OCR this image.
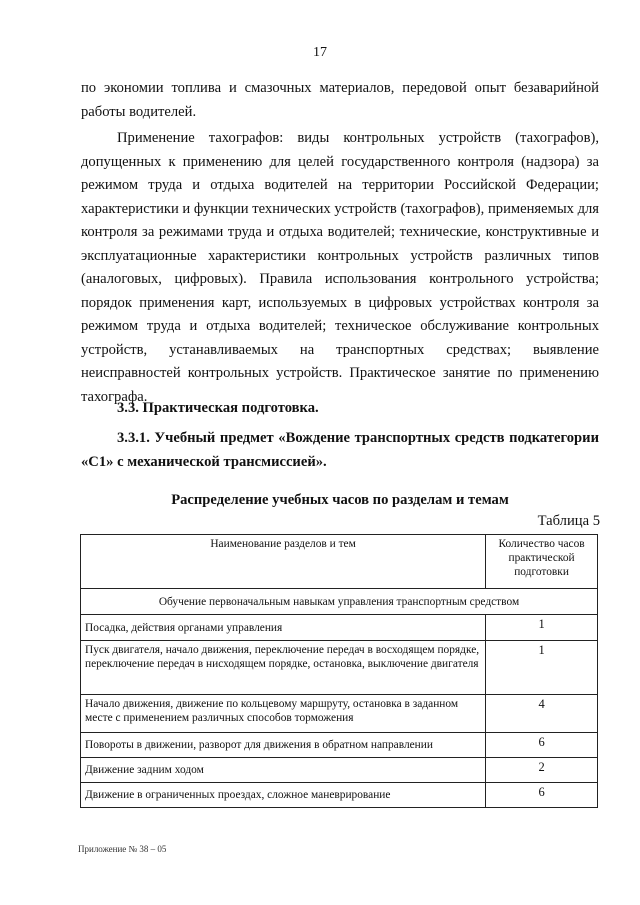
17

по экономии топлива и смазочных материалов, передовой опыт безаварийной работы водителей.

Применение тахографов: виды контрольных устройств (тахографов), допущенных к применению для целей государственного контроля (надзора) за режимом труда и отдыха водителей на территории Российской Федерации; характеристики и функции технических устройств (тахографов), применяемых для контроля за режимами труда и отдыха водителей; технические, конструктивные и эксплуатационные характеристики контрольных устройств различных типов (аналоговых, цифровых). Правила использования контрольного устройства; порядок применения карт, используемых в цифровых устройствах контроля за режимом труда и отдыха водителей; техническое обслуживание контрольных устройств, устанавливаемых на транспортных средствах; выявление неисправностей контрольных устройств. Практическое занятие по применению тахографа.

3.3. Практическая подготовка.
3.3.1. Учебный предмет «Вождение транспортных средств подкатегории «С1» с механической трансмиссией».
Распределение учебных часов по разделам и темам
Таблица 5
Наименование разделов и тем	Количество часов практической подготовки
Обучение первоначальным навыкам управления транспортным средством	
Посадка, действия органами управления	1
Пуск двигателя, начало движения, переключение передач в восходящем порядке, переключение передач в нисходящем порядке, остановка, выключение двигателя	1
Начало движения, движение по кольцевому маршруту, остановка в заданном месте с применением различных способов торможения	4
Повороты в движении, разворот для движения в обратном направлении	6
Движение задним ходом	2
Движение в ограниченных проездах, сложное маневрирование	6
Приложение № 38 – 05
